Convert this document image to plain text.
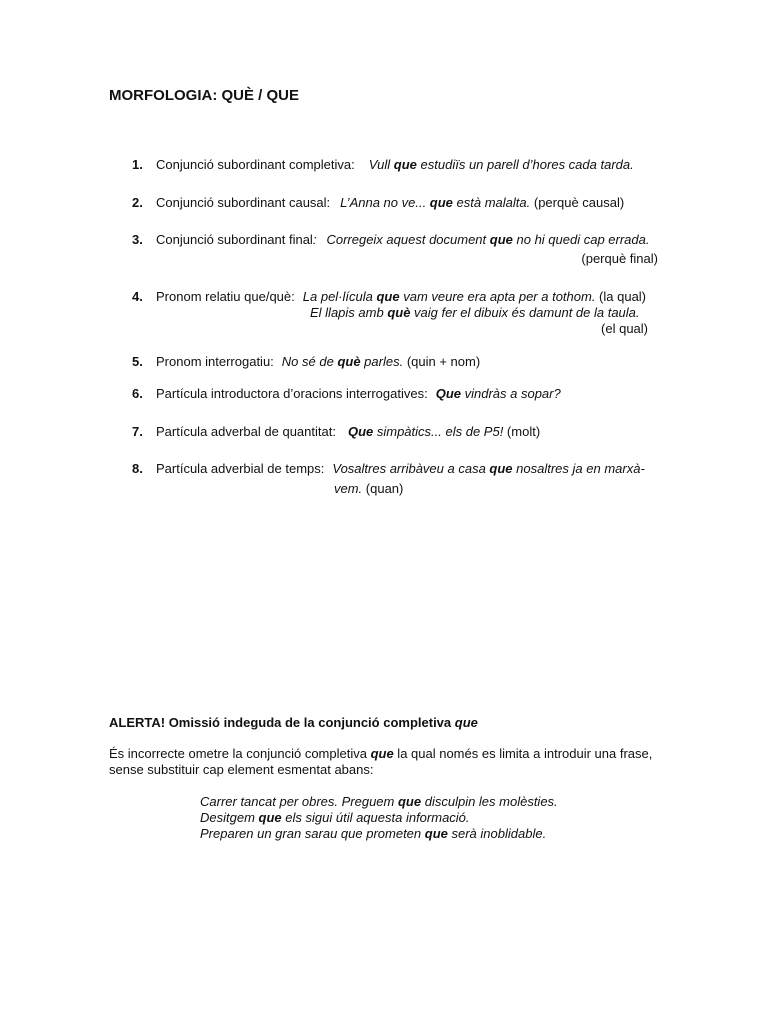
MORFOLOGIA: QUÈ / QUE
1. Conjunció subordinant completiva: Vull que estudiïs un parell d’hores cada tarda.
2. Conjunció subordinant causal: L’Anna no ve... que està malalta. (perquè causal)
3. Conjunció subordinant final: Corregeix aquest document que no hi quedi cap errada.
(perquè final)
4. Pronom relatiu que/què: La pel·lícula que vam veure era apta per a tothom. (la qual)
El llapis amb què vaig fer el dibuix és damunt de la taula.
(el qual)
5. Pronom interrogatiu: No sé de què parles. (quin + nom)
6. Partícula introductora d’oracions interrogatives: Que vindràs a sopar?
7. Partícula adverbal de quantitat: Que simpàtics... els de P5! (molt)
8. Partícula adverbial de temps: Vosaltres arribàveu a casa que nosaltres ja en marxà-
vem. (quan)
ALERTA! Omissió indeguda de la conjunció completiva que
És incorrecte ometre la conjunció completiva que la qual només es limita a introduir una frase,
sense substituir cap element esmentat abans:
Carrer tancat per obres. Preguem que disculpin les molèsties.
Desitgem que els sigui útil aquesta informació.
Preparen un gran sarau que prometen que serà inoblidable.
